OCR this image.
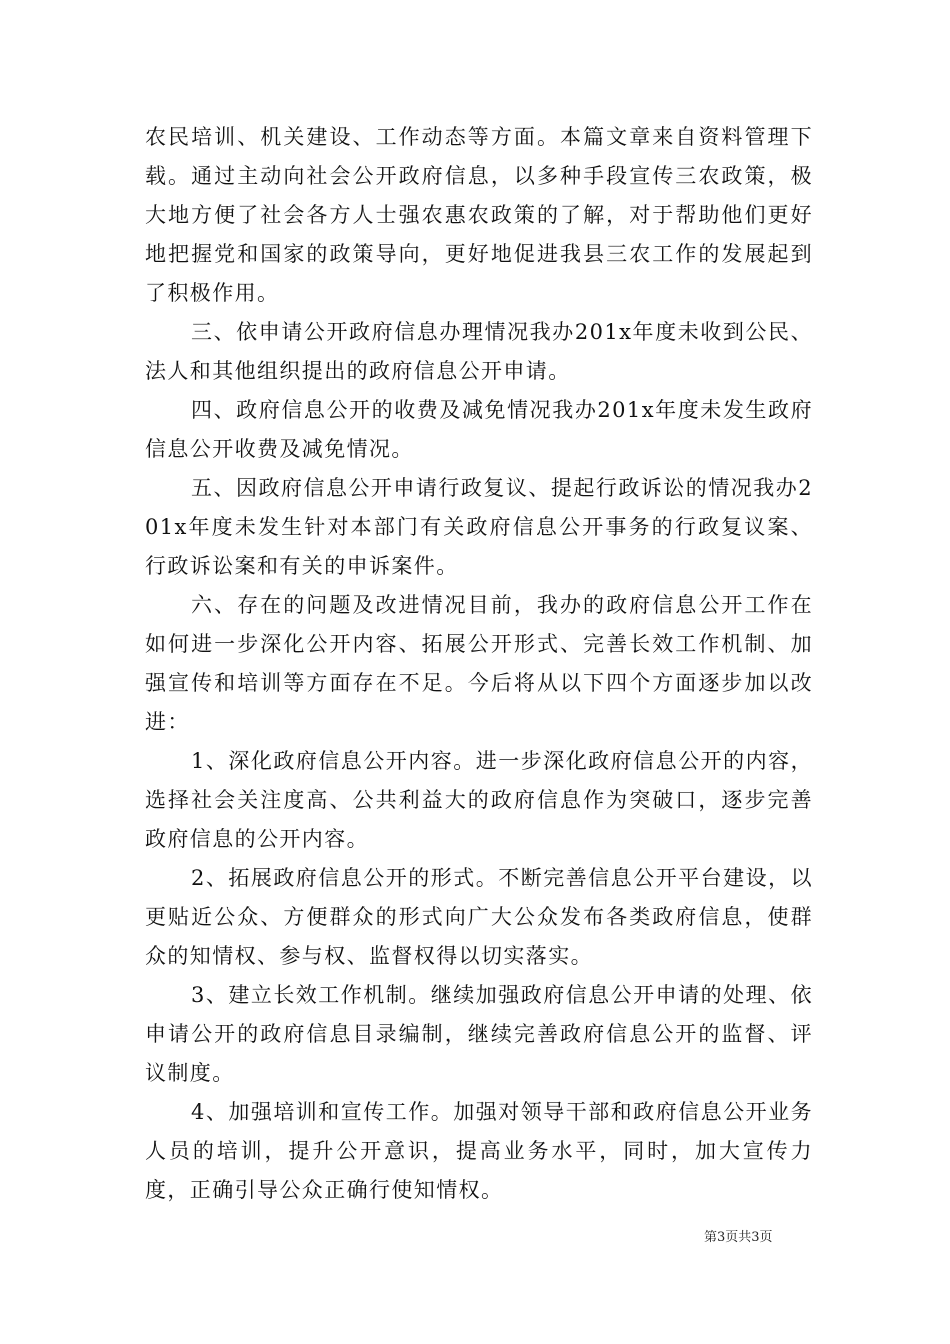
农民培训、机关建设、工作动态等方面。本篇文章来自资料管理下载。通过主动向社会公开政府信息，以多种手段宣传三农政策，极大地方便了社会各方人士强农惠农政策的了解，对于帮助他们更好地把握党和国家的政策导向，更好地促进我县三农工作的发展起到了积极作用。

三、依申请公开政府信息办理情况我办201x年度未收到公民、法人和其他组织提出的政府信息公开申请。

四、政府信息公开的收费及减免情况我办201x年度未发生政府信息公开收费及减免情况。

五、因政府信息公开申请行政复议、提起行政诉讼的情况我办201x年度未发生针对本部门有关政府信息公开事务的行政复议案、行政诉讼案和有关的申诉案件。

六、存在的问题及改进情况目前，我办的政府信息公开工作在如何进一步深化公开内容、拓展公开形式、完善长效工作机制、加强宣传和培训等方面存在不足。今后将从以下四个方面逐步加以改进：

1、深化政府信息公开内容。进一步深化政府信息公开的内容，选择社会关注度高、公共利益大的政府信息作为突破口，逐步完善政府信息的公开内容。

2、拓展政府信息公开的形式。不断完善信息公开平台建设，以更贴近公众、方便群众的形式向广大公众发布各类政府信息，使群众的知情权、参与权、监督权得以切实落实。

3、建立长效工作机制。继续加强政府信息公开申请的处理、依申请公开的政府信息目录编制，继续完善政府信息公开的监督、评议制度。

4、加强培训和宣传工作。加强对领导干部和政府信息公开业务人员的培训，提升公开意识，提高业务水平，同时，加大宣传力度，正确引导公众正确行使知情权。

第3页共3页
